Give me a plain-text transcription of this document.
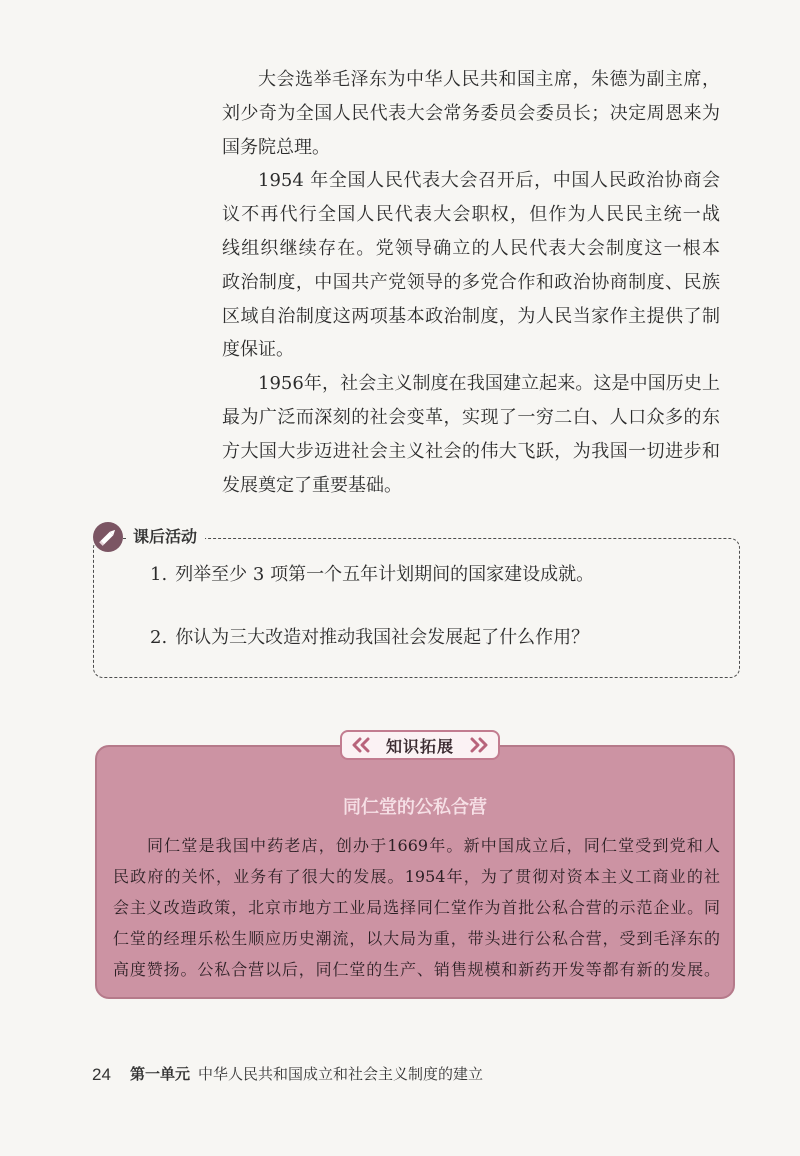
大会选举毛泽东为中华人民共和国主席，朱德为副主席，
刘少奇为全国人民代表大会常务委员会委员长；决定周恩来为
国务院总理。
1954 年全国人民代表大会召开后，中国人民政治协商会
议不再代行全国人民代表大会职权，但作为人民民主统一战
线组织继续存在。党领导确立的人民代表大会制度这一根本
政治制度，中国共产党领导的多党合作和政治协商制度、民族
区域自治制度这两项基本政治制度，为人民当家作主提供了制
度保证。
1956年，社会主义制度在我国建立起来。这是中国历史上
最为广泛而深刻的社会变革，实现了一穷二白、人口众多的东
方大国大步迈进社会主义社会的伟大飞跃，为我国一切进步和
发展奠定了重要基础。
课后活动
1. 列举至少 3 项第一个五年计划期间的国家建设成就。
2. 你认为三大改造对推动我国社会发展起了什么作用？
知识拓展
同仁堂的公私合营
同仁堂是我国中药老店，创办于1669年。新中国成立后，同仁堂受到党和人
民政府的关怀，业务有了很大的发展。1954年，为了贯彻对资本主义工商业的社
会主义改造政策，北京市地方工业局选择同仁堂作为首批公私合营的示范企业。同
仁堂的经理乐松生顺应历史潮流，以大局为重，带头进行公私合营，受到毛泽东的
高度赞扬。公私合营以后，同仁堂的生产、销售规模和新药开发等都有新的发展。
24 第一单元 中华人民共和国成立和社会主义制度的建立
